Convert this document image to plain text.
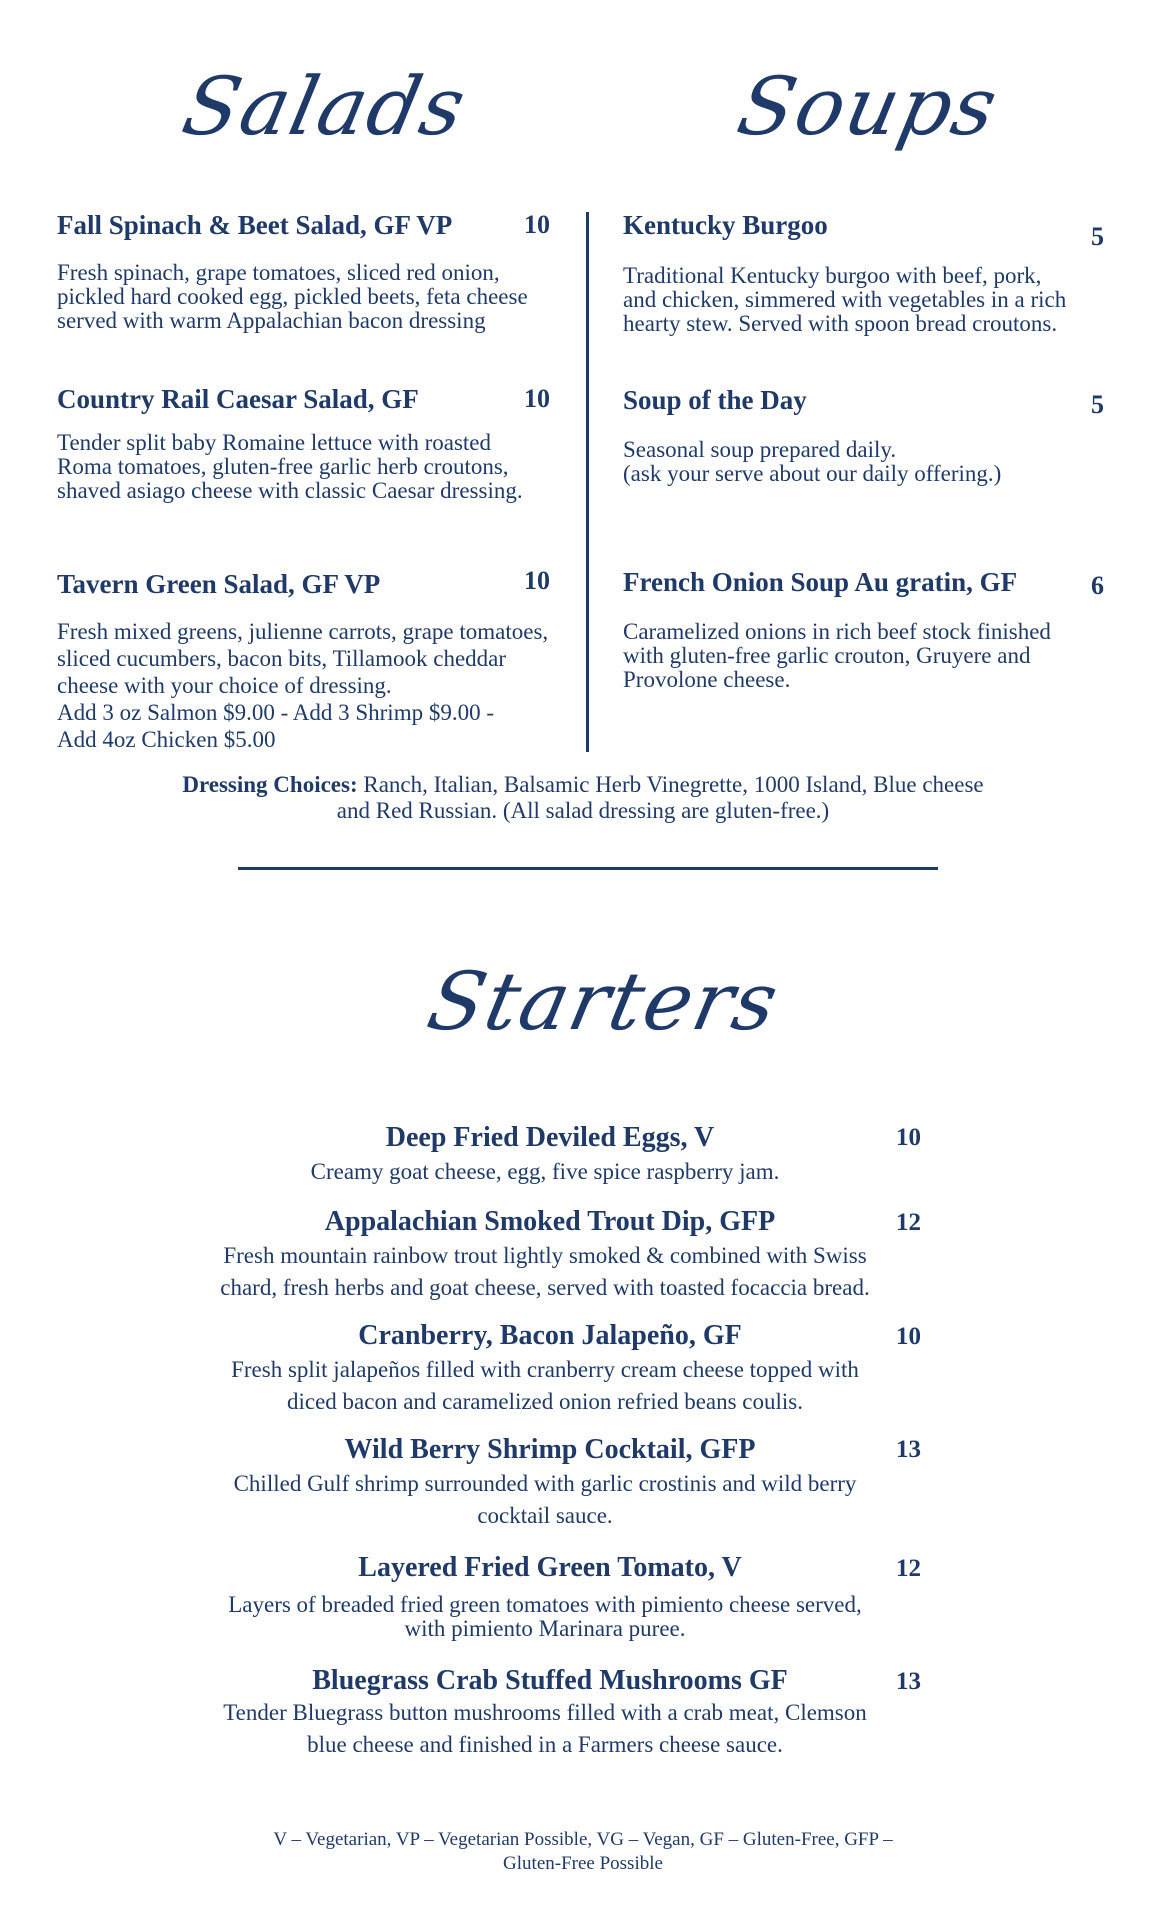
Salads	Soups
Starters
Fall Spinach & Beet Salad, GF VP	10
Fresh spinach, grape tomatoes, sliced red onion,
pickled hard cooked egg, pickled beets, feta cheese
served with warm Appalachian bacon dressing
Country Rail Caesar Salad, GF	10
Tender split baby Romaine lettuce with roasted
Roma tomatoes, gluten-free garlic herb croutons,
shaved asiago cheese with classic Caesar dressing.
Tavern Green Salad, GF VP	10
Fresh mixed greens, julienne carrots, grape tomatoes,
sliced cucumbers, bacon bits, Tillamook cheddar
cheese with your choice of dressing.
Add 3 oz Salmon $9.00 - Add 3 Shrimp $9.00 -
Add 4oz Chicken $5.00
Kentucky Burgoo	5
Traditional Kentucky burgoo with beef, pork,
and chicken, simmered with vegetables in a rich
hearty stew. Served with spoon bread croutons.
Soup of the Day	5
Seasonal soup prepared daily.
(ask your serve about our daily offering.)
French Onion Soup Au gratin, GF	6
Caramelized onions in rich beef stock finished
with gluten-free garlic crouton, Gruyere and
Provolone cheese.
Dressing Choices: Ranch, Italian, Balsamic Herb Vinegrette, 1000 Island, Blue cheese
and Red Russian. (All salad dressing are gluten-free.)
Deep Fried Deviled Eggs, V	10
Creamy goat cheese, egg, five spice raspberry jam.
Appalachian Smoked Trout Dip, GFP	12
Fresh mountain rainbow trout lightly smoked & combined with Swiss
chard, fresh herbs and goat cheese, served with toasted focaccia bread.
Cranberry, Bacon Jalapeño, GF	10
Fresh split jalapeños filled with cranberry cream cheese topped with
diced bacon and caramelized onion refried beans coulis.
Wild Berry Shrimp Cocktail, GFP	13
Chilled Gulf shrimp surrounded with garlic crostinis and wild berry
cocktail sauce.
Layered Fried Green Tomato, V	12
Layers of breaded fried green tomatoes with pimiento cheese served,
with pimiento Marinara puree.
Bluegrass Crab Stuffed Mushrooms GF	13
Tender Bluegrass button mushrooms filled with a crab meat, Clemson
blue cheese and finished in a Farmers cheese sauce.
V – Vegetarian, VP – Vegetarian Possible, VG – Vegan, GF – Gluten-Free, GFP –
Gluten-Free Possible
